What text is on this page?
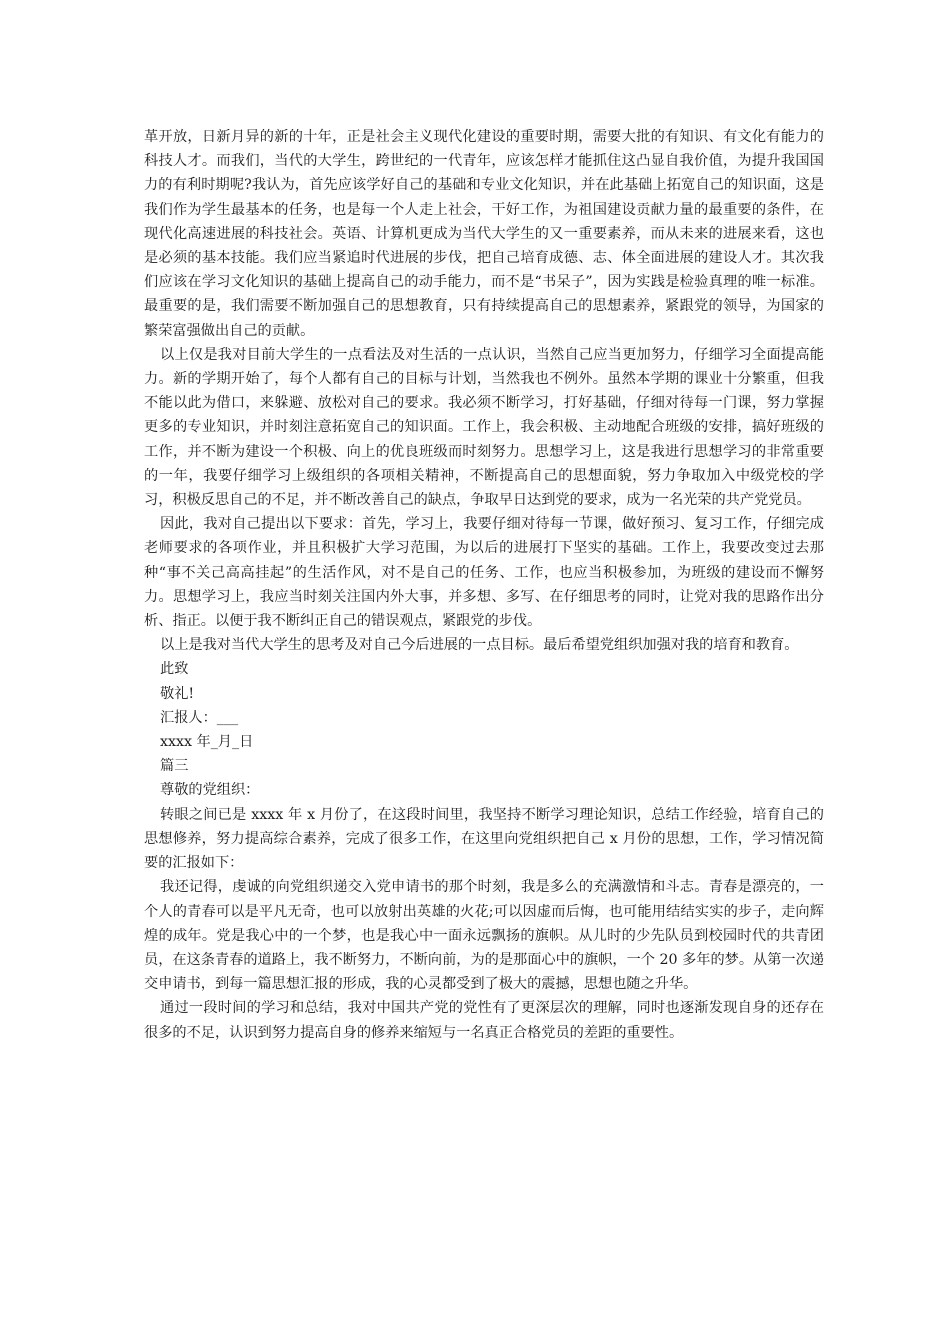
革开放，日新月异的新的十年，正是社会主义现代化建设的重要时期，需要大批的有知识、有文化有能力的科技人才。而我们，当代的大学生，跨世纪的一代青年，应该怎样才能抓住这凸显自我价值，为提升我国国力的有利时期呢?我认为，首先应该学好自己的基础和专业文化知识，并在此基础上拓宽自己的知识面，这是我们作为学生最基本的任务，也是每一个人走上社会，干好工作，为祖国建设贡献力量的最重要的条件，在现代化高速进展的科技社会。英语、计算机更成为当代大学生的又一重要素养，而从未来的进展来看，这也是必须的基本技能。我们应当紧追时代进展的步伐，把自己培育成德、志、体全面进展的建设人才。其次我们应该在学习文化知识的基础上提高自己的动手能力，而不是“书呆子”，因为实践是检验真理的唯一标准。最重要的是，我们需要不断加强自己的思想教育，只有持续提高自己的思想素养，紧跟党的领导，为国家的繁荣富强做出自己的贡献。

以上仅是我对目前大学生的一点看法及对生活的一点认识，当然自己应当更加努力，仔细学习全面提高能力。新的学期开始了，每个人都有自己的目标与计划，当然我也不例外。虽然本学期的课业十分繁重，但我不能以此为借口，来躲避、放松对自己的要求。我必须不断学习，打好基础，仔细对待每一门课，努力掌握更多的专业知识，并时刻注意拓宽自己的知识面。工作上，我会积极、主动地配合班级的安排，搞好班级的工作，并不断为建设一个积极、向上的优良班级而时刻努力。思想学习上，这是我进行思想学习的非常重要的一年，我要仔细学习上级组织的各项相关精神，不断提高自己的思想面貌，努力争取加入中级党校的学习，积极反思自己的不足，并不断改善自己的缺点，争取早日达到党的要求，成为一名光荣的共产党党员。

因此，我对自己提出以下要求：首先，学习上，我要仔细对待每一节课，做好预习、复习工作，仔细完成老师要求的各项作业，并且积极扩大学习范围，为以后的进展打下坚实的基础。工作上，我要改变过去那种“事不关己高高挂起”的生活作风，对不是自己的任务、工作，也应当积极参加，为班级的建设而不懈努力。思想学习上，我应当时刻关注国内外大事，并多想、多写、在仔细思考的同时，让党对我的思路作出分析、指正。以便于我不断纠正自己的错误观点，紧跟党的步伐。

以上是我对当代大学生的思考及对自己今后进展的一点目标。最后希望党组织加强对我的培育和教育。

此致

敬礼!

汇报人：___

xxxx 年_月_日

篇三

尊敬的党组织：

转眼之间已是 xxxx 年 x 月份了，在这段时间里，我坚持不断学习理论知识，总结工作经验，培育自己的思想修养，努力提高综合素养，完成了很多工作，在这里向党组织把自己 x 月份的思想，工作，学习情况简要的汇报如下：

我还记得，虔诚的向党组织递交入党申请书的那个时刻，我是多么的充满激情和斗志。青春是漂亮的，一个人的青春可以是平凡无奇，也可以放射出英雄的火花;可以因虚而后悔，也可能用结结实实的步子，走向辉煌的成年。党是我心中的一个梦，也是我心中一面永远飘扬的旗帜。从儿时的少先队员到校园时代的共青团员，在这条青春的道路上，我不断努力，不断向前，为的是那面心中的旗帜，一个 20 多年的梦。从第一次递交申请书，到每一篇思想汇报的形成，我的心灵都受到了极大的震撼，思想也随之升华。

通过一段时间的学习和总结，我对中国共产党的党性有了更深层次的理解，同时也逐渐发现自身的还存在很多的不足，认识到努力提高自身的修养来缩短与一名真正合格党员的差距的重要性。
